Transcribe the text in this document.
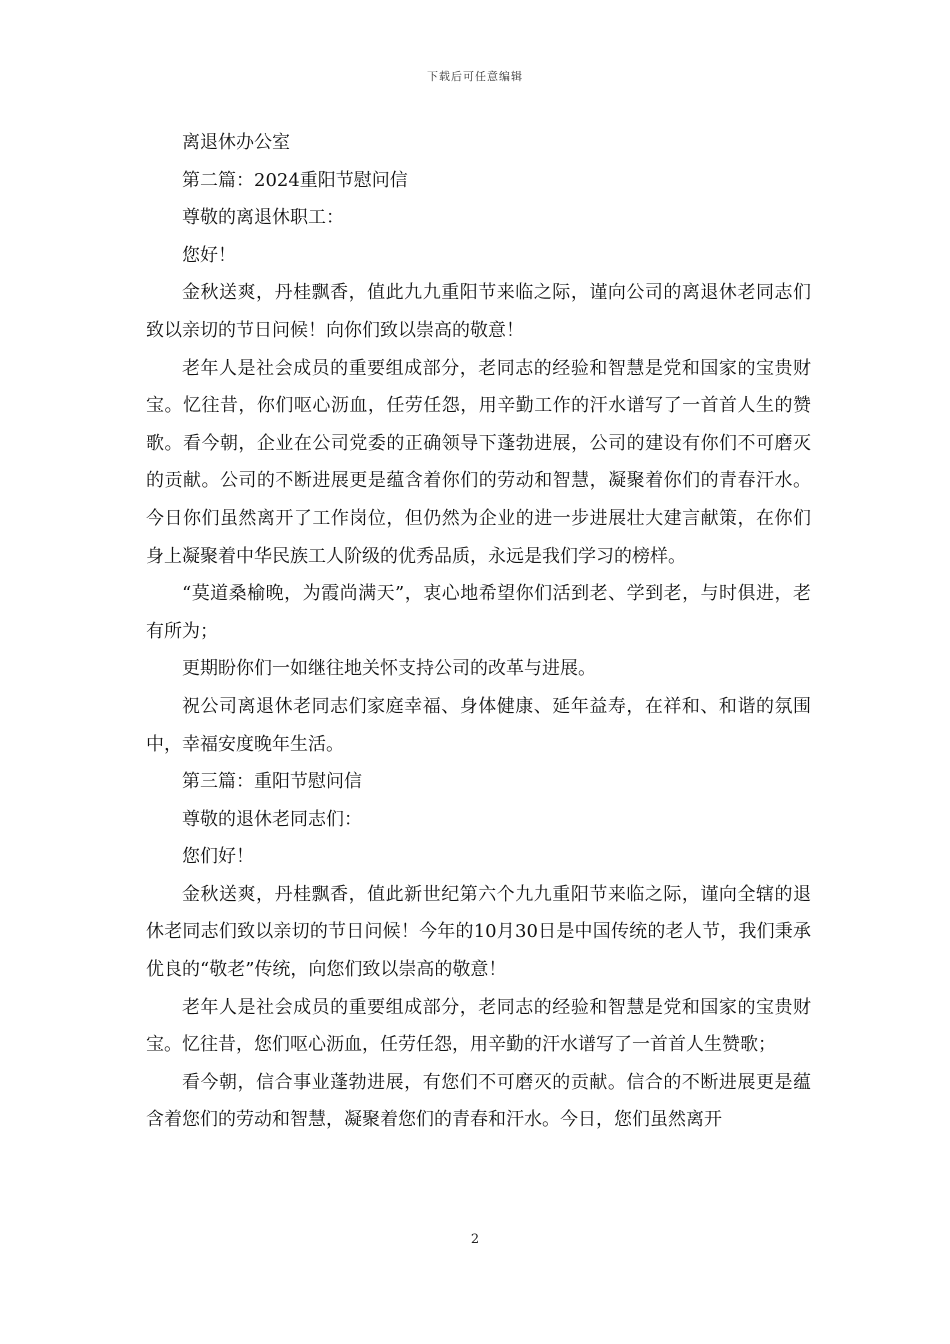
下载后可任意编辑

离退休办公室

第二篇：2024重阳节慰问信

尊敬的离退休职工：

您好！

金秋送爽，丹桂飘香，值此九九重阳节来临之际，谨向公司的离退休老同志们致以亲切的节日问候！向你们致以崇高的敬意！

老年人是社会成员的重要组成部分，老同志的经验和智慧是党和国家的宝贵财宝。忆往昔，你们呕心沥血，任劳任怨，用辛勤工作的汗水谱写了一首首人生的赞歌。看今朝，企业在公司党委的正确领导下蓬勃进展，公司的建设有你们不可磨灭的贡献。公司的不断进展更是蕴含着你们的劳动和智慧，凝聚着你们的青春汗水。今日你们虽然离开了工作岗位，但仍然为企业的进一步进展壮大建言献策，在你们身上凝聚着中华民族工人阶级的优秀品质，永远是我们学习的榜样。

“莫道桑榆晚，为霞尚满天”，衷心地希望你们活到老、学到老，与时俱进，老有所为；

更期盼你们一如继往地关怀支持公司的改革与进展。

祝公司离退休老同志们家庭幸福、身体健康、延年益寿，在祥和、和谐的氛围中，幸福安度晚年生活。

第三篇：重阳节慰问信

尊敬的退休老同志们：

您们好！

金秋送爽，丹桂飘香，值此新世纪第六个九九重阳节来临之际，谨向全辖的退休老同志们致以亲切的节日问候！今年的10月30日是中国传统的老人节，我们秉承优良的“敬老”传统，向您们致以崇高的敬意！

老年人是社会成员的重要组成部分，老同志的经验和智慧是党和国家的宝贵财宝。忆往昔，您们呕心沥血，任劳任怨，用辛勤的汗水谱写了一首首人生赞歌；

看今朝，信合事业蓬勃进展，有您们不可磨灭的贡献。信合的不断进展更是蕴含着您们的劳动和智慧，凝聚着您们的青春和汗水。今日，您们虽然离开

2
